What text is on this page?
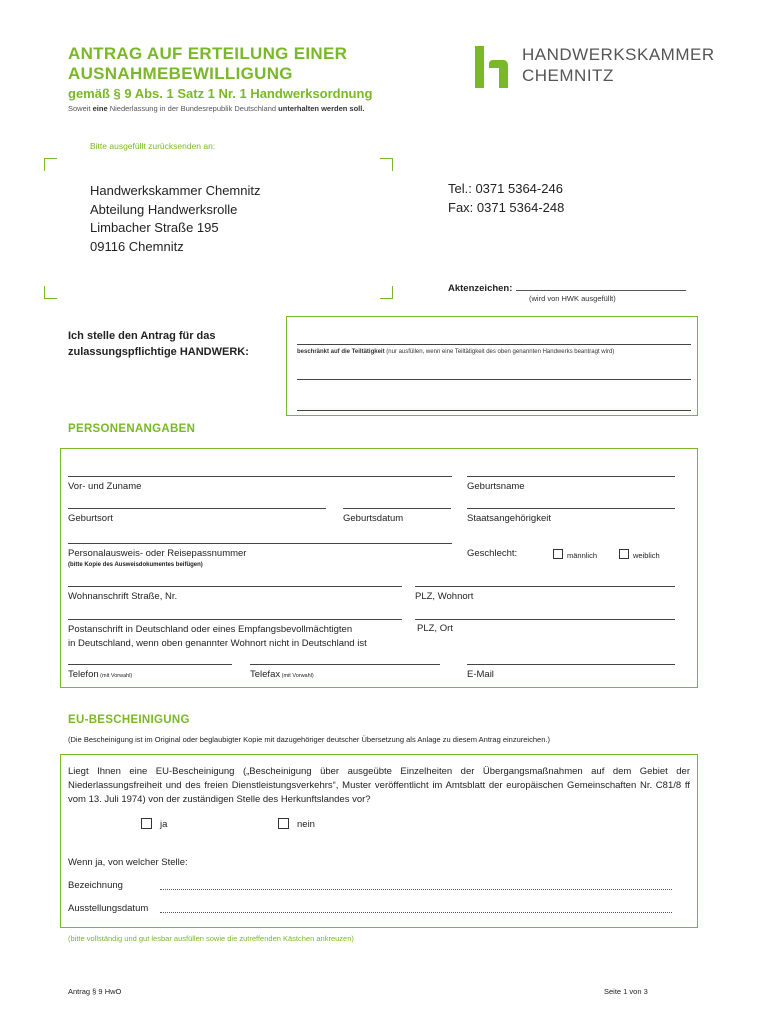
ANTRAG AUF ERTEILUNG EINER
AUSNAHMEBEWILLIGUNG
gemäß § 9 Abs. 1 Satz 1 Nr. 1 Handwerksordnung
Soweit eine Niederlassung in der Bundesrepublik Deutschland unterhalten werden soll.
HANDWERKSKAMMER
CHEMNITZ
Bitte ausgefüllt zurücksenden an:
Handwerkskammer Chemnitz
Abteilung Handwerksrolle
Limbacher Straße 195
09116 Chemnitz
Tel.: 0371 5364-246
Fax: 0371 5364-248
Aktenzeichen:
(wird von HWK ausgefüllt)
Ich stelle den Antrag für das
zulassungspflichtige HANDWERK:	beschränkt auf die Teiltätigkeit (nur ausfüllen, wenn eine Teiltätigkeit des oben genannten Handwerks beantragt wird)
PERSONENANGABEN
Vor- und Zuname	Geburtsname
Geburtsort	Geburtsdatum	Staatsangehörigkeit
Personalausweis- oder Reisepassnummer
(bitte Kopie des Ausweisdokumentes beifügen)
Geschlecht:	männlich	weiblich
Wohnanschrift Straße, Nr.	PLZ, Wohnort
Postanschrift in Deutschland oder eines Empfangsbevollmächtigten
in Deutschland, wenn oben genannter Wohnort nicht in Deutschland ist
PLZ, Ort
Telefon (mit Vorwahl)	Telefax (mit Vorwahl)	E-Mail
EU-BESCHEINIGUNG
(Die Bescheinigung ist im Original oder beglaubigter Kopie mit dazugehöriger deutscher Übersetzung als Anlage zu diesem Antrag einzureichen.)
Liegt Ihnen eine EU-Bescheinigung („Bescheinigung über ausgeübte Einzelheiten der Übergangsmaßnahmen auf dem Gebiet der Niederlassungsfreiheit und des freien Dienstleistungsverkehrs“, Muster veröffentlicht im Amtsblatt der europäischen Gemeinschaften Nr. C81/8 ff vom 13. Juli 1974) von der zuständigen Stelle des Herkunftslandes vor?
ja	nein
Wenn ja, von welcher Stelle:
Bezeichnung
Ausstellungsdatum
(bitte vollständig und gut lesbar ausfüllen sowie die zutreffenden Kästchen ankreuzen)
Antrag § 9 HwO	Seite 1 von 3
